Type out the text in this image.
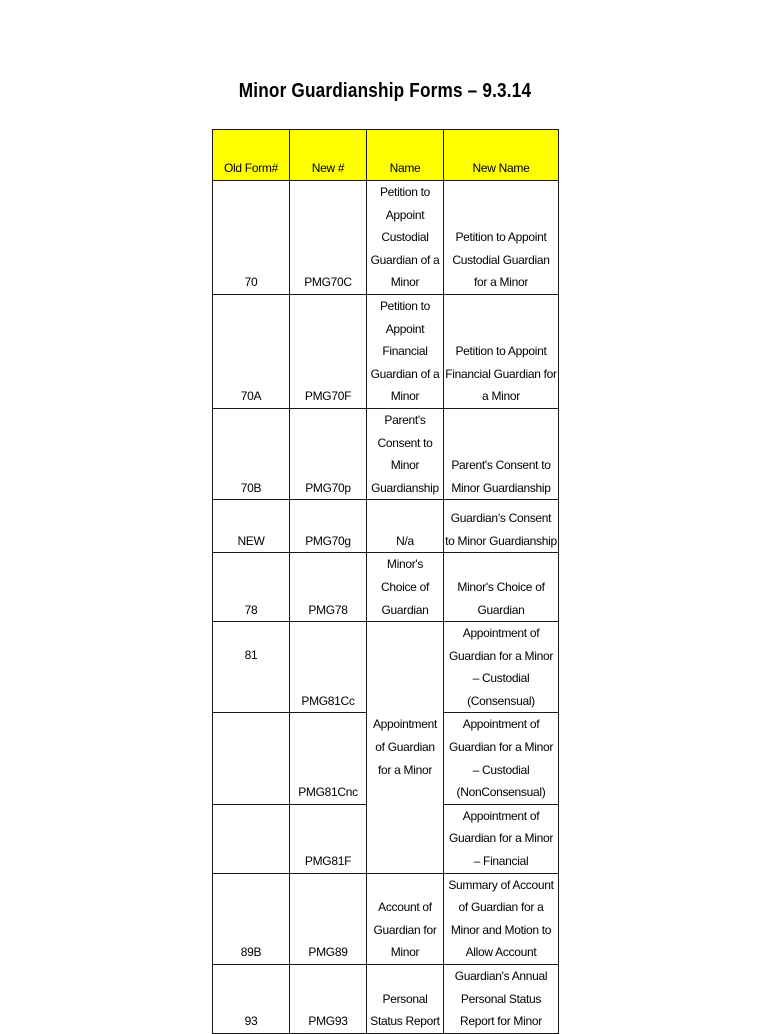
Minor Guardianship Forms – 9.3.14
Old Form#	New #	Name	New Name
70	PMG70C	Petition to Appoint Custodial Guardian of a Minor	Petition to Appoint Custodial Guardian for a Minor
70A	PMG70F	Petition to Appoint Financial Guardian of a Minor	Petition to Appoint Financial Guardian for a Minor
70B	PMG70p	Parent's Consent to Minor Guardianship	Parent's Consent to Minor Guardianship
NEW	PMG70g	N/a	Guardian’s Consent to Minor Guardianship
78	PMG78	Minor's Choice of Guardian	Minor's Choice of Guardian
81	PMG81Cc	Appointment of Guardian for a Minor	Appointment of Guardian for a Minor – Custodial (Consensual)
	PMG81Cnc		Appointment of Guardian for a Minor – Custodial (NonConsensual)
	PMG81F		Appointment of Guardian for a Minor – Financial
89B	PMG89	Account of Guardian for Minor	Summary of Account of Guardian for a Minor and Motion to Allow Account
93	PMG93	Personal Status Report	Guardian's Annual Personal Status Report for Minor
